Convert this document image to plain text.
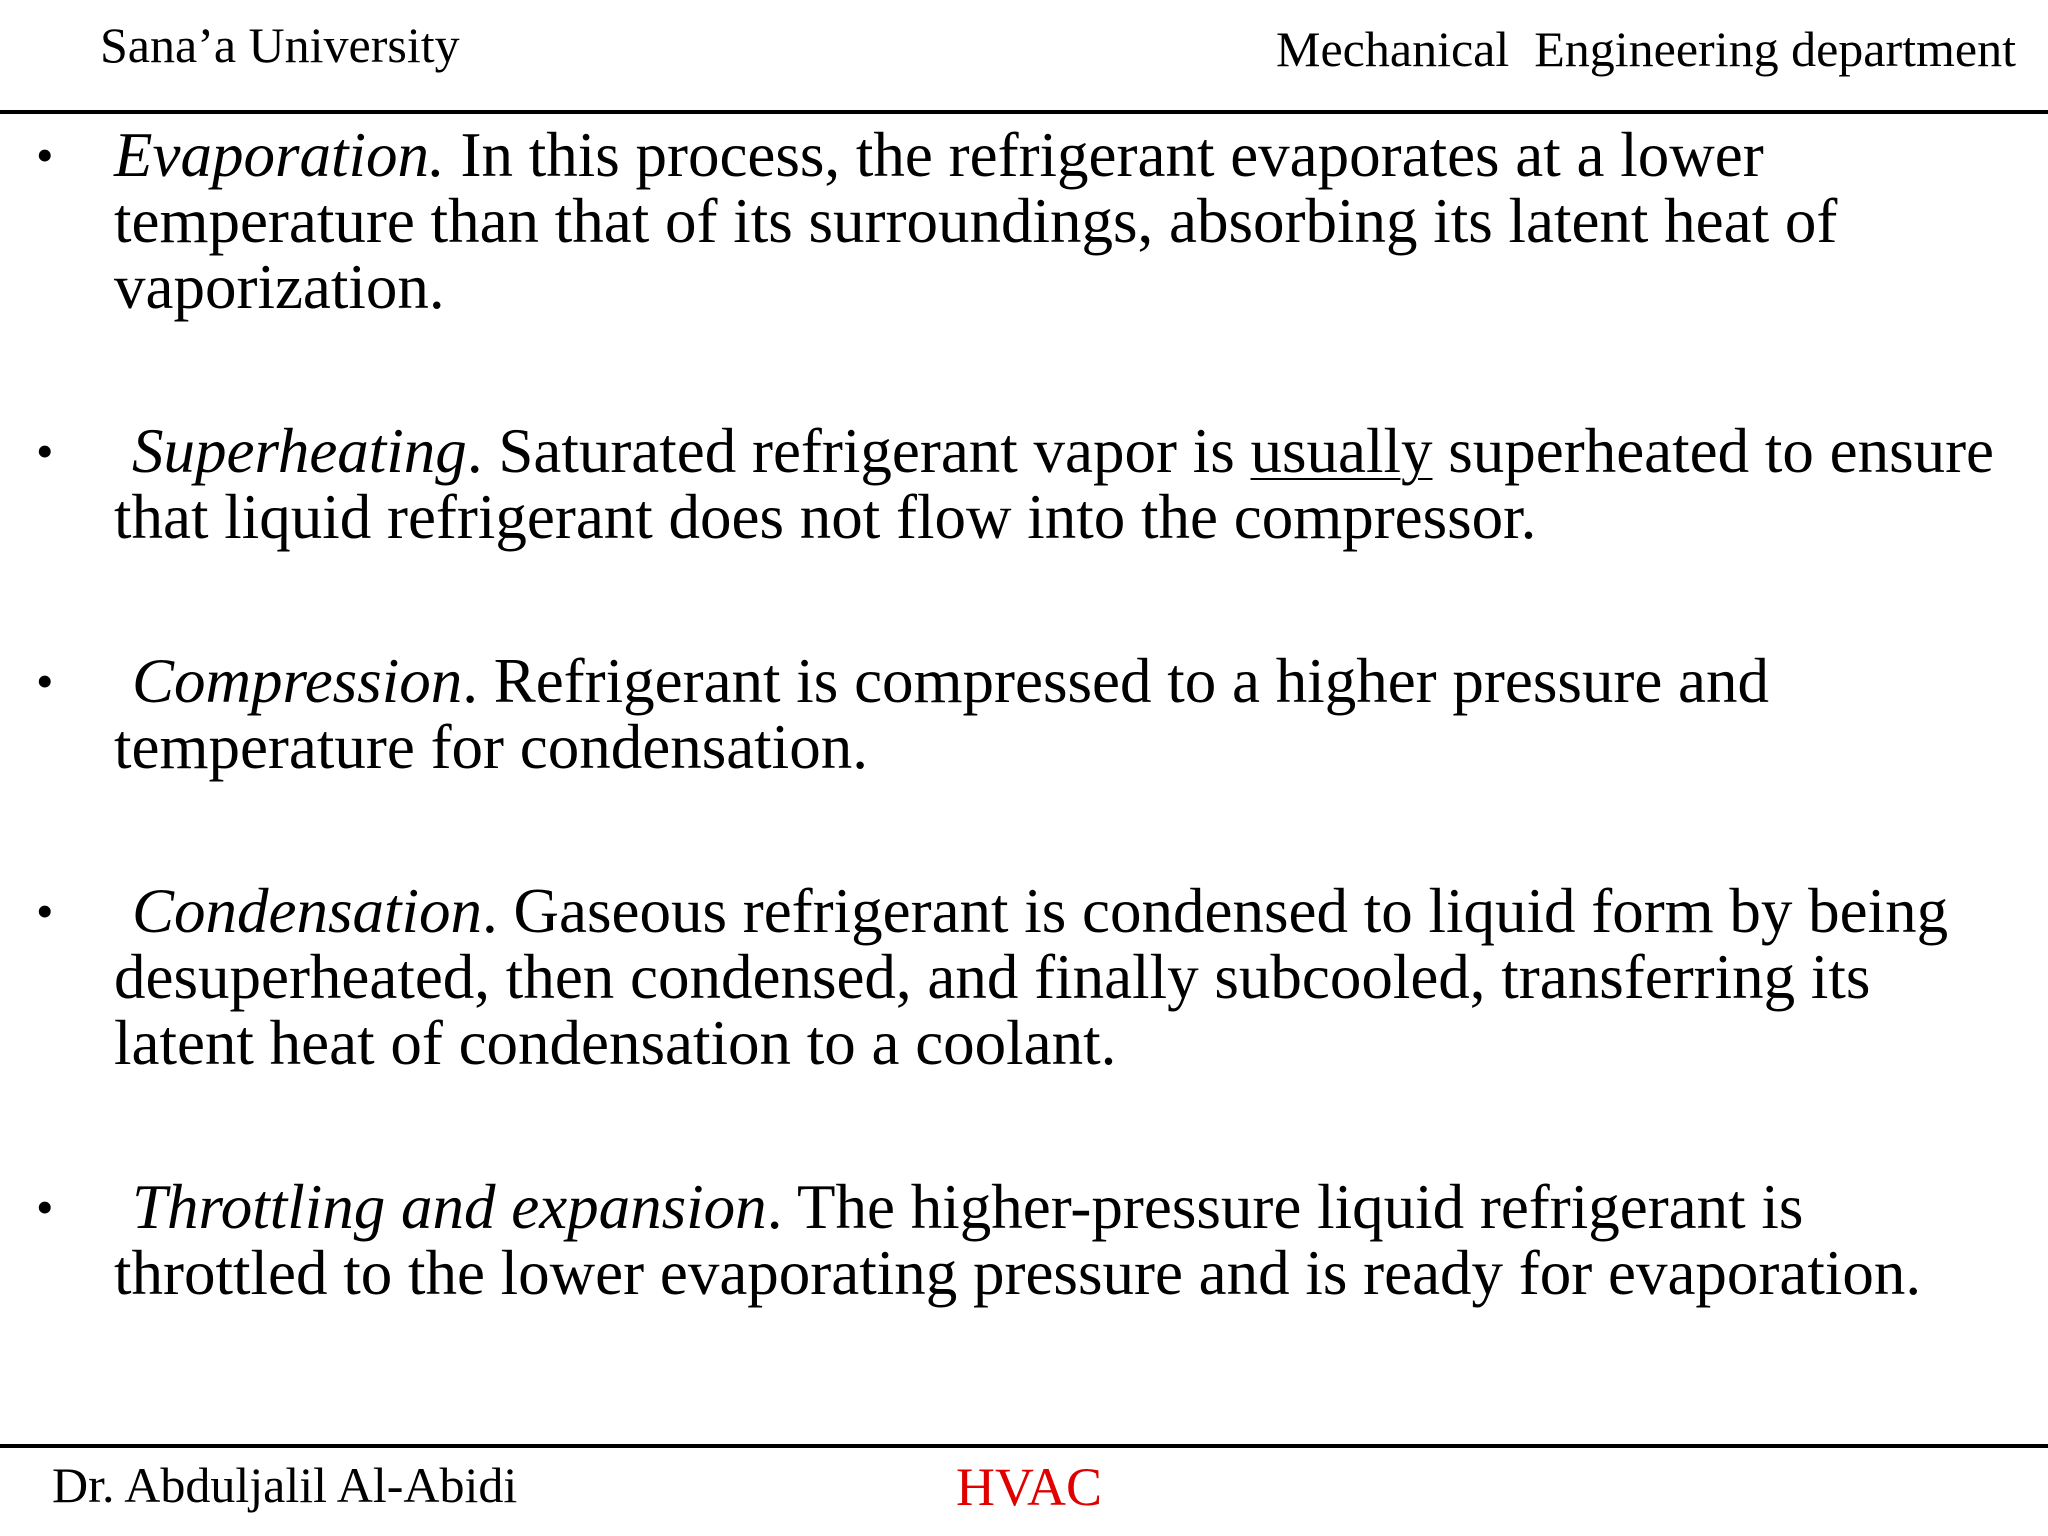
Sana’a University	Mechanical  Engineering department
• Evaporation. In this process, the refrigerant evaporates at a lower temperature than that of its surroundings, absorbing its latent heat of vaporization.
• Superheating. Saturated refrigerant vapor is usually superheated to ensure that liquid refrigerant does not flow into the compressor.
• Compression. Refrigerant is compressed to a higher pressure and temperature for condensation.
• Condensation. Gaseous refrigerant is condensed to liquid form by being desuperheated, then condensed, and finally subcooled, transferring its latent heat of condensation to a coolant.
• Throttling and expansion. The higher-pressure liquid refrigerant is throttled to the lower evaporating pressure and is ready for evaporation.
Dr. Abduljalil Al-Abidi	HVAC
